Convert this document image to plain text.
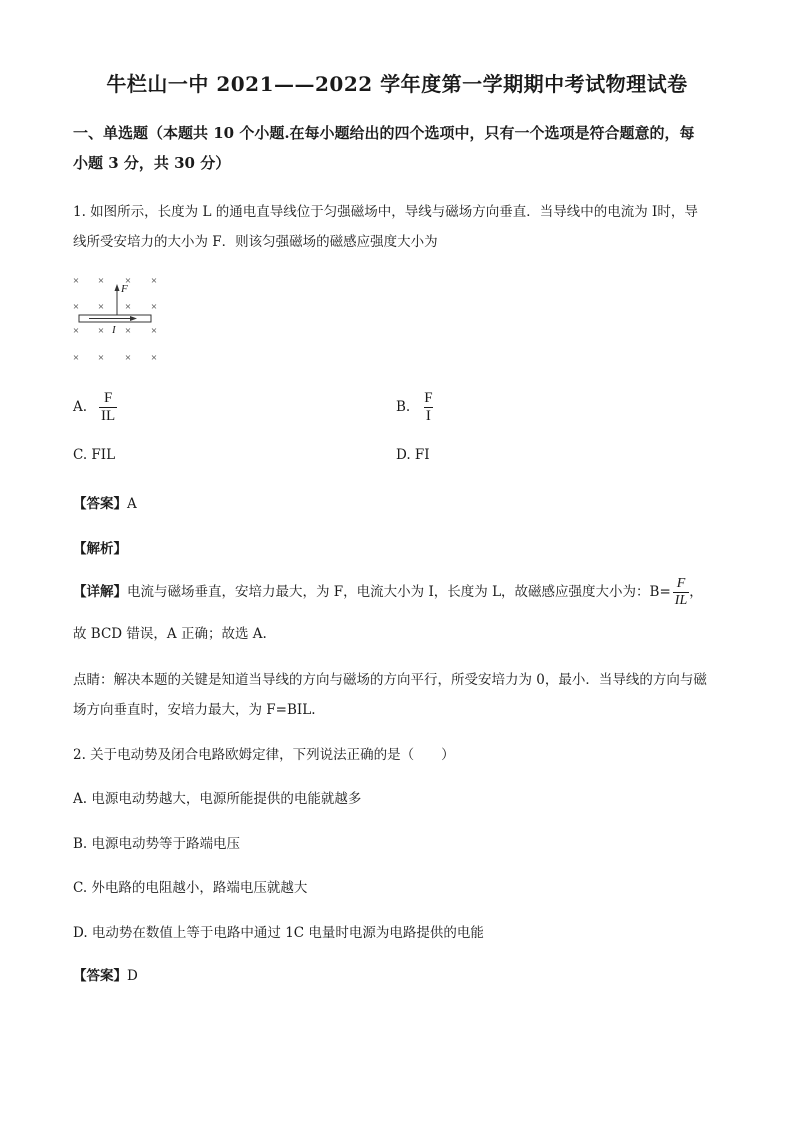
牛栏山一中 2021——2022 学年度第一学期期中考试物理试卷
一、单选题（本题共 10 个小题.在每小题给出的四个选项中，只有一个选项是符合题意的，每
小题 3 分，共 30 分）
1. 如图所示，长度为 L 的通电直导线位于匀强磁场中，导线与磁场方向垂直．当导线中的电流为 I时，导
线所受安培力的大小为 F．则该匀强磁场的磁感应强度大小为
× × × ×
× × × ×
× × × ×
× × × ×
F
I
A. $\frac{F}{IL}$	B. $\frac{F}{I}$
C. FIL	D. FI
【答案】A
【解析】
【详解】电流与磁场垂直，安培力最大，为 F，电流大小为 I，长度为 L，故磁感应强度大小为：$B= \frac{F}{IL}$ ，
故 BCD 错误，A 正确；故选 A.
点睛：解决本题的关键是知道当导线的方向与磁场的方向平行，所受安培力为 0，最小．当导线的方向与磁
场方向垂直时，安培力最大，为 F=BIL.
2. 关于电动势及闭合电路欧姆定律，下列说法正确的是（　　）
A. 电源电动势越大，电源所能提供的电能就越多
B. 电源电动势等于路端电压
C. 外电路的电阻越小，路端电压就越大
D. 电动势在数值上等于电路中通过 1C 电量时电源为电路提供的电能
【答案】D
